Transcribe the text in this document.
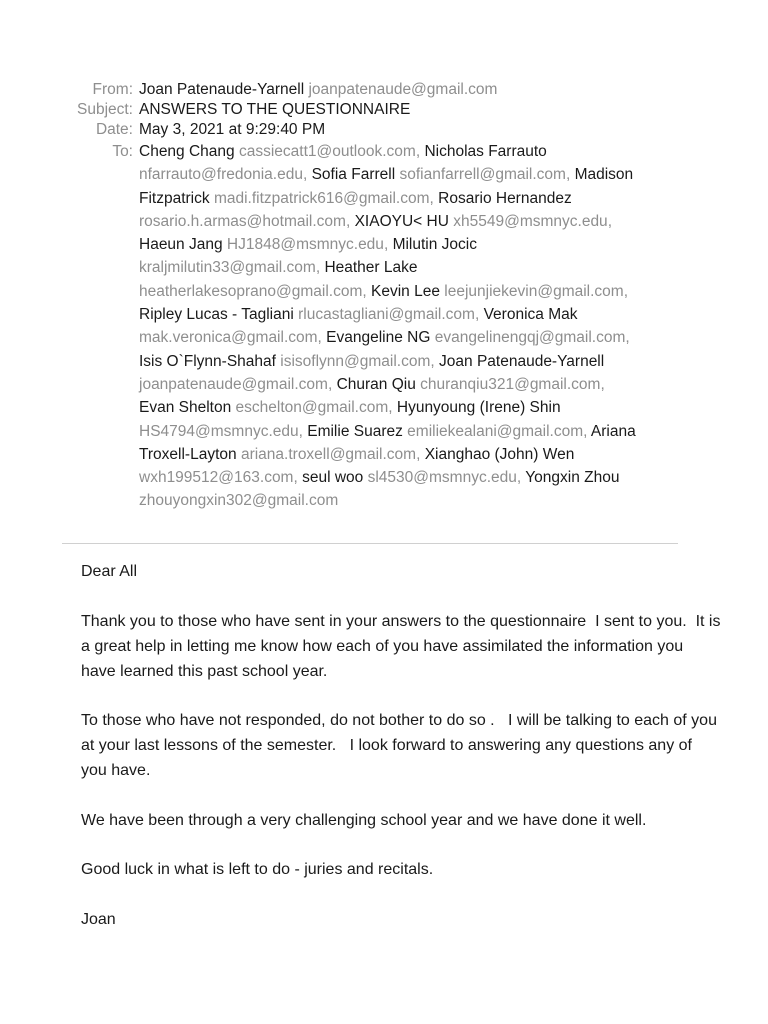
From: Joan Patenaude-Yarnell joanpatenaude@gmail.com
Subject: ANSWERS TO THE QUESTIONNAIRE
Date: May 3, 2021 at 9:29:40 PM
To: Cheng Chang cassiecatt1@outlook.com, Nicholas Farrauto nfarrauto@fredonia.edu, Sofia Farrell sofianfarrell@gmail.com, Madison Fitzpatrick madi.fitzpatrick616@gmail.com, Rosario Hernandez rosario.h.armas@hotmail.com, XIAOYU< HU xh5549@msmnyc.edu, Haeun Jang HJ1848@msmnyc.edu, Milutin Jocic kraljmilutin33@gmail.com, Heather Lake heatherlakesoprano@gmail.com, Kevin Lee leejunjiekevin@gmail.com, Ripley Lucas - Tagliani rlucastagliani@gmail.com, Veronica Mak mak.veronica@gmail.com, Evangeline NG evangelinengqj@gmail.com, Isis O`Flynn-Shahaf isisoflynn@gmail.com, Joan Patenaude-Yarnell joanpatenaude@gmail.com, Churan Qiu churanqiu321@gmail.com, Evan Shelton eschelton@gmail.com, Hyunyoung (Irene) Shin HS4794@msmnyc.edu, Emilie Suarez emiliekealani@gmail.com, Ariana Troxell-Layton ariana.troxell@gmail.com, Xianghao (John) Wen wxh199512@163.com, seul woo sl4530@msmnyc.edu, Yongxin Zhou zhouyongxin302@gmail.com

Dear All

Thank you to those who have sent in your answers to the questionnaire  I sent to you.  It is a great help in letting me know how each of you have assimilated the information you  have learned this past school year.

To those who have not responded, do not bother to do so .   I will be talking to each of you at your last lessons of the semester.   I look forward to answering any questions any of you have.

We have been through a very challenging school year and we have done it well.

Good luck in what is left to do - juries and recitals.

Joan
